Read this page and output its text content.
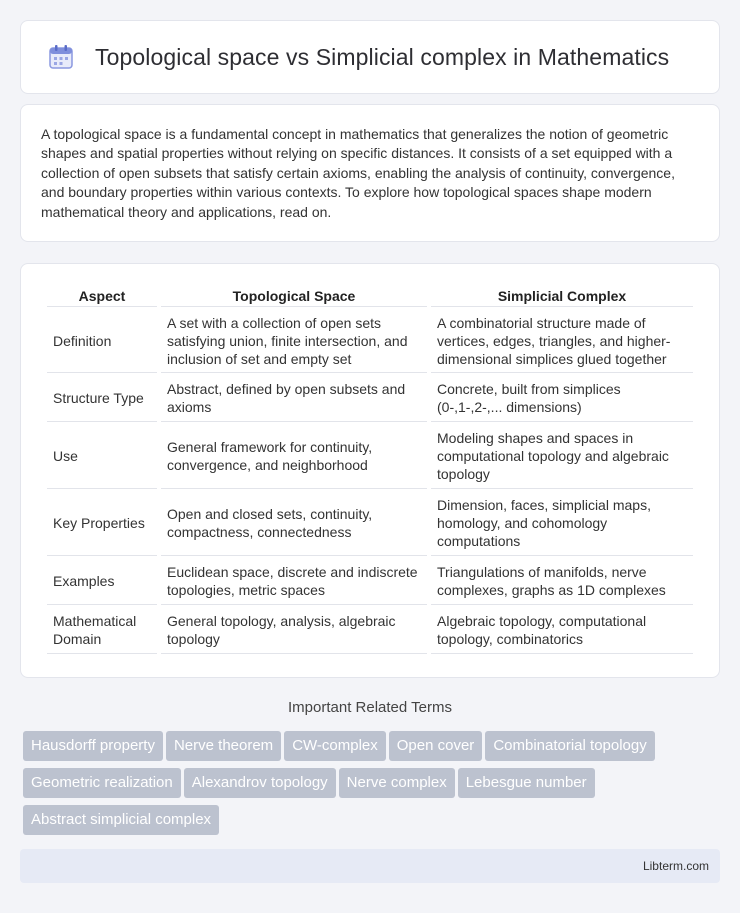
Topological space vs Simplicial complex in Mathematics

A topological space is a fundamental concept in mathematics that generalizes the notion of geometric shapes and spatial properties without relying on specific distances. It consists of a set equipped with a collection of open subsets that satisfy certain axioms, enabling the analysis of continuity, convergence, and boundary properties within various contexts. To explore how topological spaces shape modern mathematical theory and applications, read on.

Aspect	Topological Space	Simplicial Complex
Definition	A set with a collection of open sets satisfying union, finite intersection, and inclusion of set and empty set	A combinatorial structure made of vertices, edges, triangles, and higher-dimensional simplices glued together
Structure Type	Abstract, defined by open subsets and axioms	Concrete, built from simplices (0-,1-,2-,... dimensions)
Use	General framework for continuity, convergence, and neighborhood	Modeling shapes and spaces in computational topology and algebraic topology
Key Properties	Open and closed sets, continuity, compactness, connectedness	Dimension, faces, simplicial maps, homology, and cohomology computations
Examples	Euclidean space, discrete and indiscrete topologies, metric spaces	Triangulations of manifolds, nerve complexes, graphs as 1D complexes
Mathematical Domain	General topology, analysis, algebraic topology	Algebraic topology, computational topology, combinatorics
Important Related Terms
Hausdorff property Nerve theorem CW-complex Open cover Combinatorial topology
Geometric realization Alexandrov topology Nerve complex Lebesgue number
Abstract simplicial complex
Libterm.com
